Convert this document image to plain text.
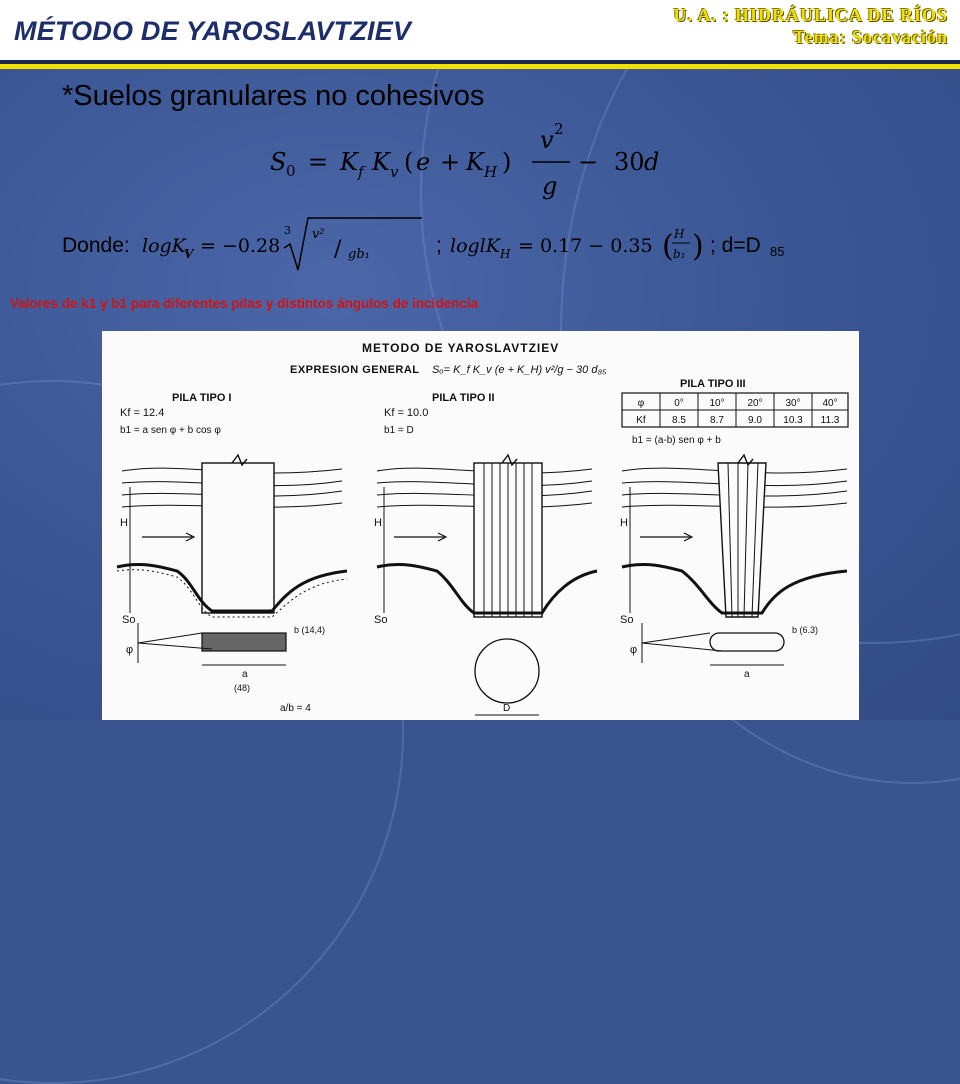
MÉTODO DE YAROSLAVTZIEV
U. A. : HIDRÁULICA DE RÍOS
Tema: Socavación
*Suelos granulares no cohesivos
S 0 = K f K v ( e + K H )
v 2
g
− 30 d
Donde: logK
V = −0.28
3 v²
/ gb₁	; loglK H = 0.17 − 0.35 ( H
b₁ ) ; d=D 85
Valores de k1 y b1 para diferentes pilas y distintos ángulos de incidencia
METODO DE YAROSLAVTZIEV
EXPRESION GENERAL Sₒ= K_f K_v (e + K_H) v²/g − 30 d₈₅
PILA TIPO I
Kf = 12.4
b1 = a sen φ + b cos φ
PILA TIPO II
Kf = 10.0
b1 = D
PILA TIPO III
b1 = (a-b) sen φ + b
φ	0°	10° 20° 30° 40°
Kf	8.5 8.7 9.0 10.3 11.3
H
So
φ
b (14,4)
a
(48)
a/b = 4
H
So
D
H
So
φ
b (6.3)
a
